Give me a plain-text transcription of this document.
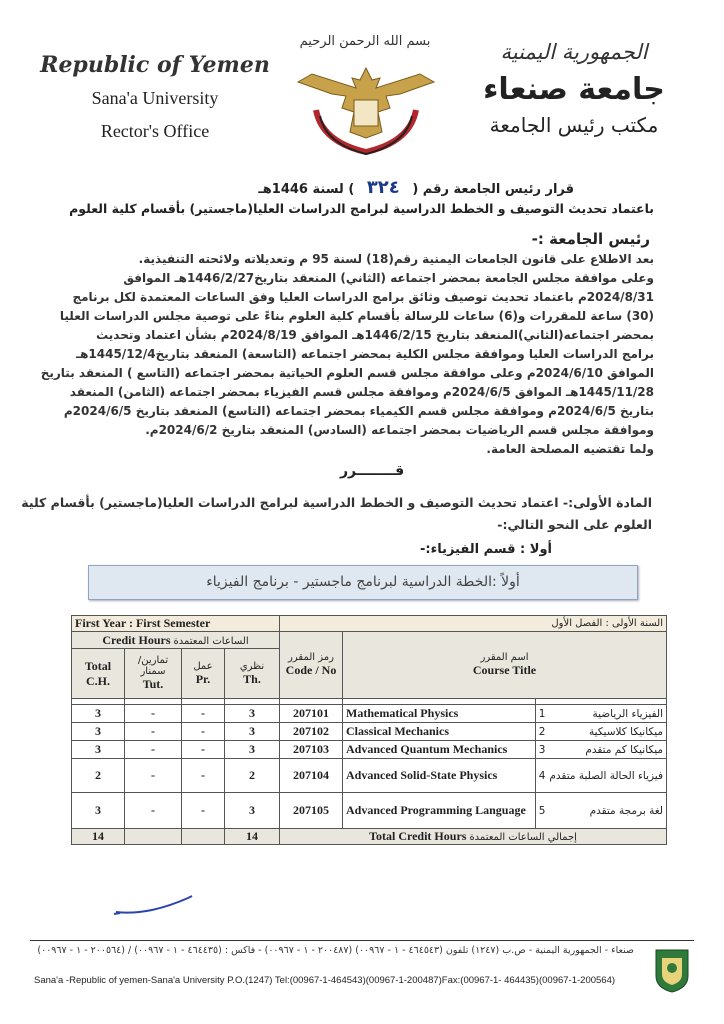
Republic of Yemen
Sana'a University
Rector's Office
بسم الله الرحمن الرحيم	الجمهورية اليمنية
جامعة صنعاء
مكتب رئيس الجامعة
قرار رئيس الجامعة رقم ( ٣٢٤ ) لسنة 1446هـ
باعتماد تحديث التوصيف و الخطط الدراسية لبرامج الدراسات العليا(ماجستير) بأقسام كلية العلوم
رئيس الجامعة :-

بعد الاطلاع على قانون الجامعات اليمنية رقم(18) لسنة 95 م وتعديلاته ولائحته التنفيذية.

وعلى موافقة مجلس الجامعة بمحضر اجتماعه (الثاني) المنعقد بتاريخ1446/2/27هـ الموافق

2024/8/31م باعتماد تحديث توصيف وثائق برامج الدراسات العليا وفق الساعات المعتمدة لكل برنامج

(30) ساعة للمقررات و(6) ساعات للرسالة بأقسام كلية العلوم بناءً على توصية مجلس الدراسات العليا

بمحضر اجتماعه(الثاني)المنعقد بتاريخ 1446/2/15هـ الموافق 2024/8/19م بشأن اعتماد وتحديث

برامج الدراسات العليا وموافقة مجلس الكلية بمحضر اجتماعه (التاسعة) المنعقد بتاريخ1445/12/4هـ

الموافق 2024/6/10م وعلى موافقة مجلس قسم العلوم الحياتية بمحضر اجتماعه (التاسع ) المنعقد بتاريخ

1445/11/28هـ الموافق 2024/6/5م وموافقة مجلس قسم الفيزياء بمحضر اجتماعه (الثامن) المنعقد

بتاريخ 2024/6/5م وموافقة مجلس قسم الكيمياء بمحضر اجتماعه (التاسع) المنعقد بتاريخ 2024/6/5م

وموافقة مجلس قسم الرياضيات بمحضر اجتماعه (السادس) المنعقد بتاريخ 2024/6/2م.

ولما تقتضيه المصلحة العامة.

قــــــــرر
المادة الأولى:- اعتماد تحديث التوصيف و الخطط الدراسية لبرامج الدراسات العليا(ماجستير) بأقسام كلية العلوم على النحو التالي:-
أولا : قسم الفيزياء:-
أولاً :الخطة الدراسية لبرنامج ماجستير - برنامج الفيزياء
First Year : First Semester				السنة الأولى : الفصل الأول		
Credit Hours الساعات المعتمدة				رمز المقرر
Code / No	اسم المقرر
Course Title	
Total C.H.	تمارين/ سمنار
Tut.	عمل
Pr.	نظري
Th.			

3	-	-	3	207101	Mathematical Physics	1 الفيزياء الرياضية
3	-	-	3	207102	Classical Mechanics	2 ميكانيكا كلاسيكية
3	-	-	3	207103	Advanced Quantum Mechanics	3 ميكانيكا كم متقدم
2	-	-	2	207104	Advanced Solid-State Physics	4 فيزياء الحالة الصلبة متقدم
3	-	-	3	207105	Advanced Programming Language	5 لغة برمجة متقدم
14			14	Total Credit Hours إجمالي الساعات المعتمدة		
صنعاء - الجمهورية اليمنية - ص.ب (١٢٤٧) تلفون (٤٦٤٥٤٣ - ١ - ٠٠٩٦٧) (٢٠٠٤٨٧ - ١ - ٠٠٩٦٧) - فاكس : (٤٦٤٤٣٥ - ١ - ٠٠٩٦٧) / (٢٠٠٥٦٤ - ١ - ٠٠٩٦٧)
Sana'a -Republic of yemen-Sana'a University P.O.(1247) Tel:(00967-1-464543)(00967-1-200487)Fax:(00967-1- 464435)(00967-1-200564)
